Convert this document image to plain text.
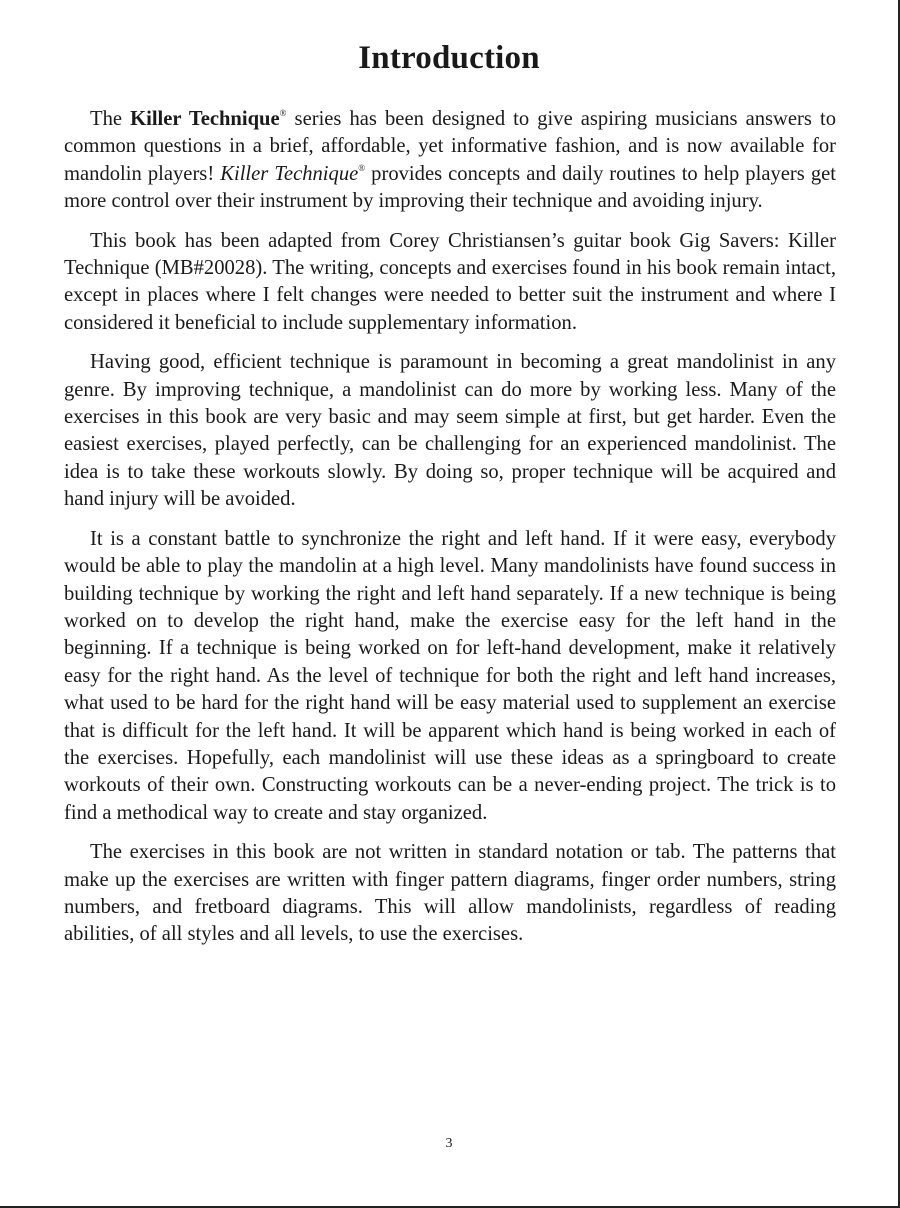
Introduction

The Killer Technique® series has been designed to give aspiring musicians answers to common questions in a brief, affordable, yet informative fashion, and is now available for mandolin players! Killer Technique® provides concepts and daily routines to help players get more control over their instrument by improving their technique and avoiding injury.

This book has been adapted from Corey Christiansen’s guitar book Gig Savers: Killer Technique (MB#20028). The writing, concepts and exercises found in his book remain intact, except in places where I felt changes were needed to better suit the instrument and where I considered it beneficial to include supplementary information.

Having good, efficient technique is paramount in becoming a great mandolinist in any genre. By improving technique, a mandolinist can do more by working less. Many of the exercises in this book are very basic and may seem simple at first, but get harder. Even the easiest exercises, played perfectly, can be challenging for an experienced mandolinist. The idea is to take these workouts slowly. By doing so, proper technique will be acquired and hand injury will be avoided.

It is a constant battle to synchronize the right and left hand. If it were easy, everybody would be able to play the mandolin at a high level. Many mandolinists have found success in building technique by working the right and left hand separately. If a new technique is being worked on to develop the right hand, make the exercise easy for the left hand in the beginning. If a technique is being worked on for left-hand development, make it relatively easy for the right hand. As the level of technique for both the right and left hand increases, what used to be hard for the right hand will be easy material used to supplement an exercise that is difficult for the left hand. It will be apparent which hand is being worked in each of the exercises. Hopefully, each mandolinist will use these ideas as a springboard to create workouts of their own. Constructing workouts can be a never-ending project. The trick is to find a methodical way to create and stay organized.

The exercises in this book are not written in standard notation or tab. The patterns that make up the exercises are written with finger pattern diagrams, finger order numbers, string numbers, and fretboard diagrams. This will allow mandolinists, regardless of reading abilities, of all styles and all levels, to use the exercises.

3
